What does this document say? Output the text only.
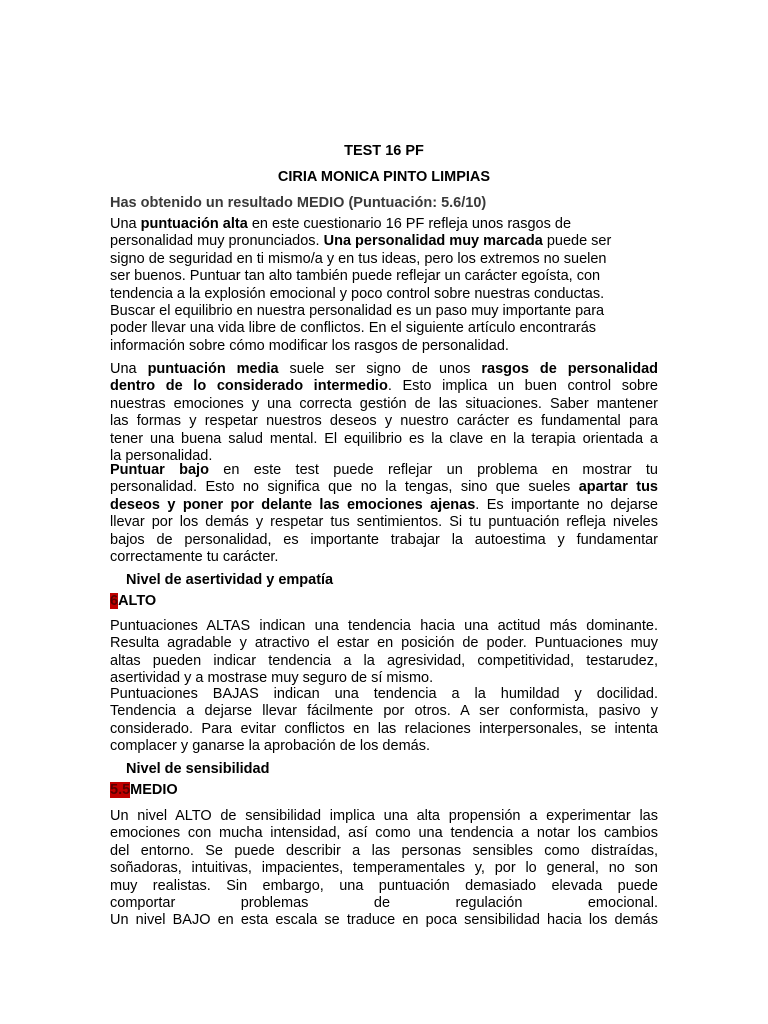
TEST 16 PF
CIRIA MONICA PINTO LIMPIAS
Has obtenido un resultado MEDIO (Puntuación: 5.6/10)
Una puntuación alta en este cuestionario 16 PF refleja unos rasgos de
personalidad muy pronunciados. Una personalidad muy marcada puede ser
signo de seguridad en ti mismo/a y en tus ideas, pero los extremos no suelen
ser buenos. Puntuar tan alto también puede reflejar un carácter egoísta, con
tendencia a la explosión emocional y poco control sobre nuestras conductas.
Buscar el equilibrio en nuestra personalidad es un paso muy importante para
poder llevar una vida libre de conflictos. En el siguiente artículo encontrarás
información sobre cómo modificar los rasgos de personalidad.
Una puntuación media suele ser signo de unos rasgos de personalidad
dentro de lo considerado intermedio. Esto implica un buen control sobre
nuestras emociones y una correcta gestión de las situaciones. Saber mantener
las formas y respetar nuestros deseos y nuestro carácter es fundamental para
tener una buena salud mental. El equilibrio es la clave en la terapia orientada a
la personalidad.
Puntuar bajo en este test puede reflejar un problema en mostrar tu
personalidad. Esto no significa que no la tengas, sino que sueles apartar tus
deseos y poner por delante las emociones ajenas. Es importante no dejarse
llevar por los demás y respetar tus sentimientos. Si tu puntuación refleja niveles
bajos de personalidad, es importante trabajar la autoestima y fundamentar
correctamente tu carácter.
Nivel de asertividad y empatía
6ALTO
Puntuaciones ALTAS indican una tendencia hacia una actitud más dominante.
Resulta agradable y atractivo el estar en posición de poder. Puntuaciones muy
altas pueden indicar tendencia a la agresividad, competitividad, testarudez,
asertividad y a mostrase muy seguro de sí mismo.
Puntuaciones BAJAS indican una tendencia a la humildad y docilidad.
Tendencia a dejarse llevar fácilmente por otros. A ser conformista, pasivo y
considerado. Para evitar conflictos en las relaciones interpersonales, se intenta
complacer y ganarse la aprobación de los demás.
Nivel de sensibilidad
5.5MEDIO
Un nivel ALTO de sensibilidad implica una alta propensión a experimentar las
emociones con mucha intensidad, así como una tendencia a notar los cambios
del entorno. Se puede describir a las personas sensibles como distraídas,
soñadoras, intuitivas, impacientes, temperamentales y, por lo general, no son
muy realistas. Sin embargo, una puntuación demasiado elevada puede
comportar problemas de regulación emocional.
Un nivel BAJO en esta escala se traduce en poca sensibilidad hacia los demás
